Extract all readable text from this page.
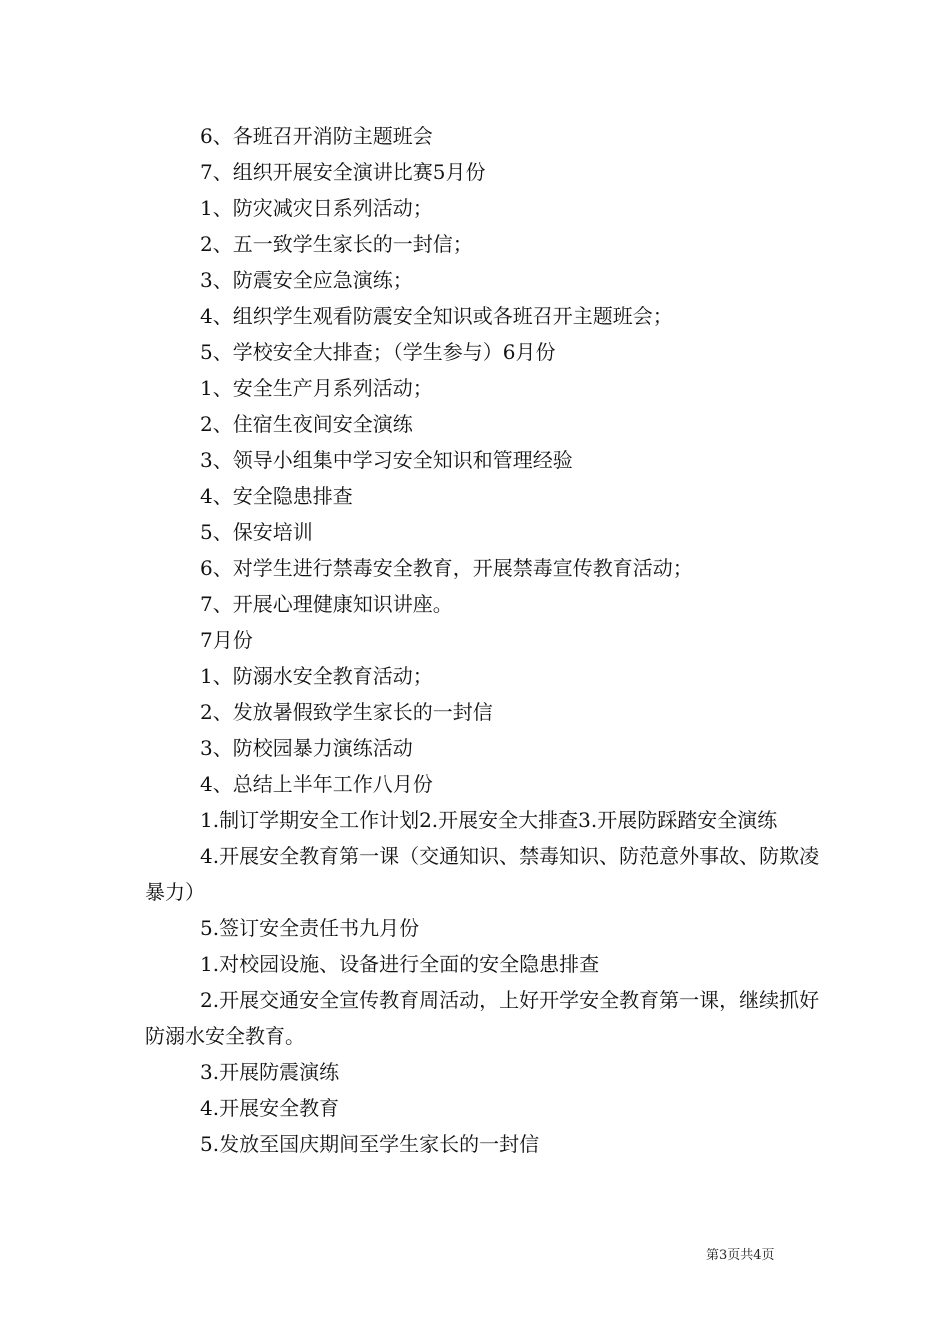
6、各班召开消防主题班会

7、组织开展安全演讲比赛5月份

1、防灾减灾日系列活动；

2、五一致学生家长的一封信；

3、防震安全应急演练；

4、组织学生观看防震安全知识或各班召开主题班会；

5、学校安全大排查；（学生参与）6月份

1、安全生产月系列活动；

2、住宿生夜间安全演练

3、领导小组集中学习安全知识和管理经验

4、安全隐患排查

5、保安培训

6、对学生进行禁毒安全教育，开展禁毒宣传教育活动；

7、开展心理健康知识讲座。

7月份

1、防溺水安全教育活动；

2、发放暑假致学生家长的一封信

3、防校园暴力演练活动

4、总结上半年工作八月份

1.制订学期安全工作计划2.开展安全大排查3.开展防踩踏安全演练

4.开展安全教育第一课（交通知识、禁毒知识、防范意外事故、防欺凌暴力）

5.签订安全责任书九月份

1.对校园设施、设备进行全面的安全隐患排查

2.开展交通安全宣传教育周活动，上好开学安全教育第一课，继续抓好防溺水安全教育。

3.开展防震演练

4.开展安全教育

5.发放至国庆期间至学生家长的一封信

第3页共4页
